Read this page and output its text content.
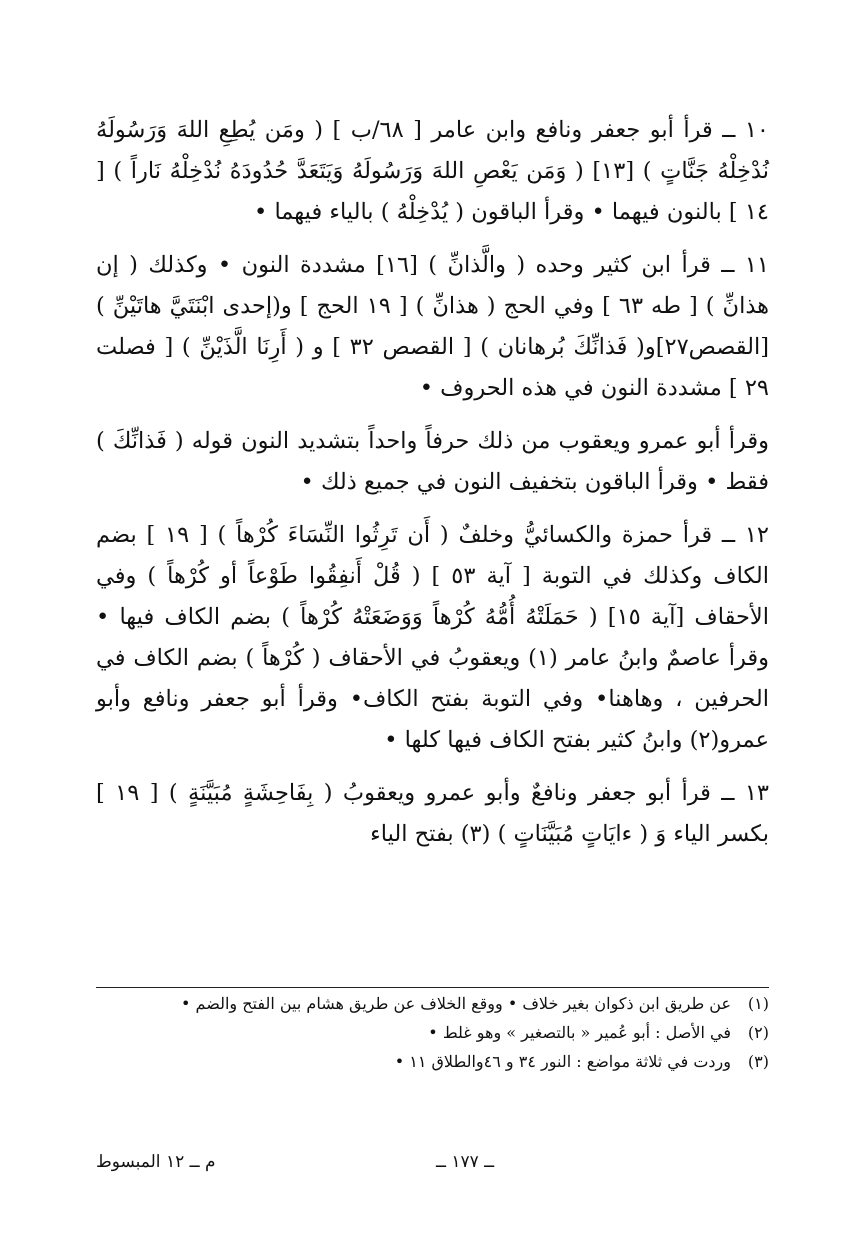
١٠ ــ قرأ أبو جعفر ونافع وابن عامر [ ٦٨/ب ] ( ومَن يُطِعِ اللهَ وَرَسُولَهُ نُدْخِلْهُ جَنَّاتٍ ) [١٣] ( وَمَن يَعْصِ اللهَ وَرَسُولَهُ وَيَتَعَدَّ حُدُودَهُ نُدْخِلْهُ نَاراً ) [ ١٤ ] بالنون فيهما • وقرأ الباقون ( يُدْخِلْهُ ) بالياء فيهما •

١١ ــ قرأ ابن كثير وحده ( والَّذانِّ ) [١٦] مشددة النون • وكذلك ( إن هذانِّ ) [ طه ٦٣ ] وفي الحج ( هذانِّ ) [ ١٩ الحج ] و(إحدى ابْنَتَيَّ هاتَيْنِّ ) [القصص٢٧]و( فَذانِّكَ بُرهانان ) [ القصص ٣٢ ] و ( أَرِنَا الَّذَيْنِّ ) [ فصلت ٢٩ ] مشددة النون في هذه الحروف •

وقرأ أبو عمرو ويعقوب من ذلك حرفاً واحداً بتشديد النون قوله ( فَذانِّكَ ) فقط • وقرأ الباقون بتخفيف النون في جميع ذلك •

١٢ ــ قرأ حمزة والكسائيُّ وخلفٌ ( أَن تَرِثُوا النِّسَاءَ كُرْهاً ) [ ١٩ ] بضم الكاف وكذلك في التوبة [ آية ٥٣ ] ( قُلْ أَنفِقُوا طَوْعاً أو كُرْهاً ) وفي الأحقاف [آية ١٥] ( حَمَلَتْهُ أُمُّهُ كُرْهاً وَوَضَعَتْهُ كُرْهاً ) بضم الكاف فيها • وقرأ عاصمٌ وابنُ عامر (١) ويعقوبُ في الأحقاف ( كُرْهاً ) بضم الكاف في الحرفين ، وهاهنا• وفي التوبة بفتح الكاف• وقرأ أبو جعفر ونافع وأبو عمرو(٢) وابنُ كثير بفتح الكاف فيها كلها •

١٣ ــ قرأ أبو جعفر ونافعٌ وأبو عمرو ويعقوبُ ( بِفَاحِشَةٍ مُبَيَّنَةٍ ) [ ١٩ ] بكسر الياء وَ ( ءايَاتٍ مُبَيَّنَاتٍ ) (٣) بفتح الياء

(١)
عن طريق ابن ذكوان بغير خلاف • ووقع الخلاف عن طريق هشام بين الفتح والضم •
(٢)
في الأصل : أبو عُمير « بالتصغير » وهو غلط •
(٣)
وردت في ثلاثة مواضع : النور ٣٤ و ٤٦والطلاق ١١ •
ــ ١٧٧ ــ
م ــ ١٢ المبسوط
